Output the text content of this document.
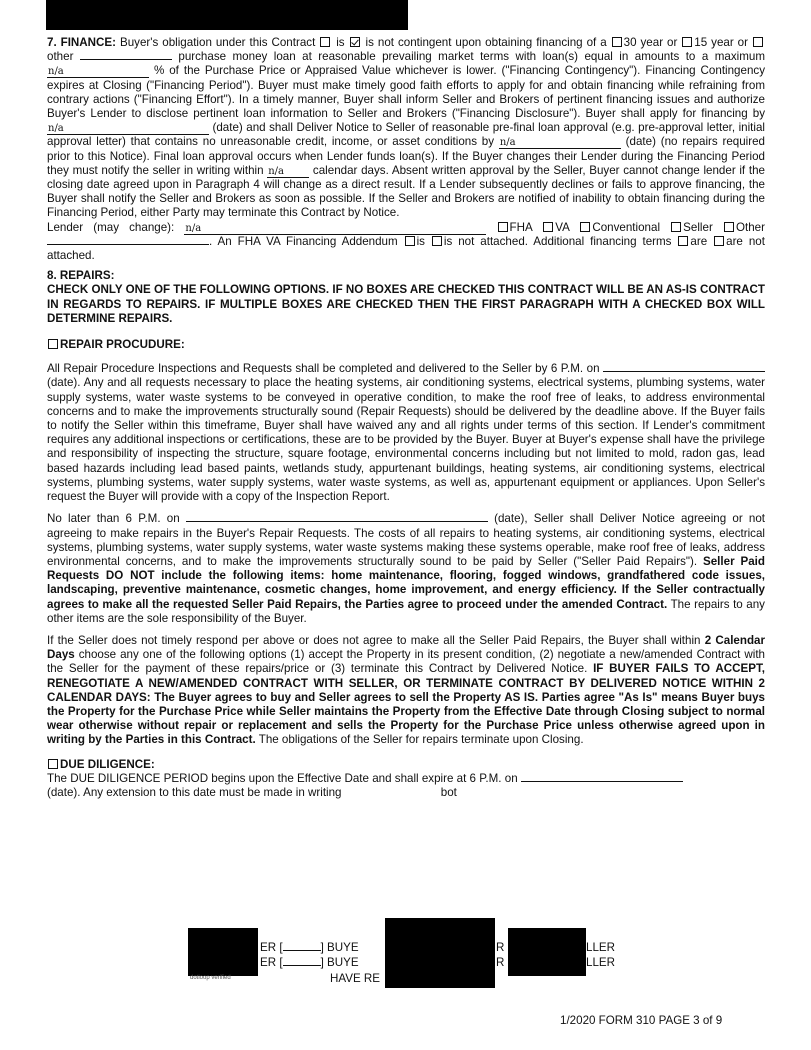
7. FINANCE: Buyer's obligation under this Contract is is not contingent upon obtaining financing of a 30 year or 15 year or other	purchase money loan at reasonable prevailing market terms with loan(s) equal in amounts to a maximum n/a	% of the Purchase Price or Appraised Value whichever is lower. ("Financing Contingency"). Financing Contingency expires at Closing ("Financing Period"). Buyer must make timely good faith efforts to apply for and obtain financing while refraining from contrary actions ("Financing Effort"). In a timely manner, Buyer shall inform Seller and Brokers of pertinent financing issues and authorize Buyer's Lender to disclose pertinent loan information to Seller and Brokers ("Financing Disclosure"). Buyer shall apply for financing by n/a	(date) and shall Deliver Notice to Seller of reasonable pre-final loan approval (e.g. pre-approval letter, initial approval letter) that contains no unreasonable credit, income, or asset conditions by n/a	(date) (no repairs required prior to this Notice). Final loan approval occurs when Lender funds loan(s). If the Buyer changes their Lender during the Financing Period they must notify the seller in writing within n/a calendar days. Absent written approval by the Seller, Buyer cannot change lender if the closing date agreed upon in Paragraph 4 will change as a direct result. If a Lender subsequently declines or fails to approve financing, the Buyer shall notify the Seller and Brokers as soon as possible. If the Seller and Brokers are notified of inability to obtain financing during the Financing Period, either Party may terminate this Contract by Notice.

Lender (may change): n/a	FHA VA Conventional Seller Other . An FHA VA Financing Addendum is is not attached. Additional financing terms are are not attached.

8. REPAIRS:

CHECK ONLY ONE OF THE FOLLOWING OPTIONS. IF NO BOXES ARE CHECKED THIS CONTRACT WILL BE AN AS-IS CONTRACT IN REGARDS TO REPAIRS. IF MULTIPLE BOXES ARE CHECKED THEN THE FIRST PARAGRAPH WITH A CHECKED BOX WILL DETERMINE REPAIRS.

REPAIR PROCUDURE:

All Repair Procedure Inspections and Requests shall be completed and delivered to the Seller by 6 P.M. on  (date). Any and all requests necessary to place the heating systems, air conditioning systems, electrical systems, plumbing systems, water supply systems, water waste systems to be conveyed in operative condition, to make the roof free of leaks, to address environmental concerns and to make the improvements structurally sound (Repair Requests) should be delivered by the deadline above. If the Buyer fails to notify the Seller within this timeframe, Buyer shall have waived any and all rights under terms of this section. If Lender's commitment requires any additional inspections or certifications, these are to be provided by the Buyer. Buyer at Buyer's expense shall have the privilege and responsibility of inspecting the structure, square footage, environmental concerns including but not limited to mold, radon gas, lead based hazards including lead based paints, wetlands study, appurtenant buildings, heating systems, air conditioning systems, electrical systems, plumbing systems, water supply systems, water waste systems, as well as, appurtenant equipment or appliances. Upon Seller's request the Buyer will provide with a copy of the Inspection Report.

No later than 6 P.M. on	(date), Seller shall Deliver Notice agreeing or not agreeing to make repairs in the Buyer's Repair Requests. The costs of all repairs to heating systems, air conditioning systems, electrical systems, plumbing systems, water supply systems, water waste systems making these systems operable, make roof free of leaks, address environmental concerns, and to make the improvements structurally sound to be paid by Seller ("Seller Paid Repairs"). Seller Paid Requests DO NOT include the following items: home maintenance, flooring, fogged windows, grandfathered code issues, landscaping, preventive maintenance, cosmetic changes, home improvement, and energy efficiency. If the Seller contractually agrees to make all the requested Seller Paid Repairs, the Parties agree to proceed under the amended Contract. The repairs to any other items are the sole responsibility of the Buyer.

If the Seller does not timely respond per above or does not agree to make all the Seller Paid Repairs, the Buyer shall within 2 Calendar Days choose any one of the following options (1) accept the Property in its present condition, (2) negotiate a new/amended Contract with the Seller for the payment of these repairs/price or (3) terminate this Contract by Delivered Notice. IF BUYER FAILS TO ACCEPT, RENEGOTIATE A NEW/AMENDED CONTRACT WITH SELLER, OR TERMINATE CONTRACT BY DELIVERED NOTICE WITHIN 2 CALENDAR DAYS: The Buyer agrees to buy and Seller agrees to sell the Property AS IS. Parties agree "As Is" means Buyer buys the Property for the Purchase Price while Seller maintains the Property from the Effective Date through Closing subject to normal wear otherwise without repair or replacement and sells the Property for the Purchase Price unless otherwise agreed upon in writing by the Parties in this Contract. The obligations of the Seller for repairs terminate upon Closing.

DUE DILIGENCE:

The DUE DILIGENCE PERIOD begins upon the Effective Date and shall expire at 6 P.M. on
(date). Any extension to this date must be made in writing	bot

ER [	] BUYE	R	LLER
ER [	] BUYE	R	LLER
HAVE RE
dotloop verified
1/2020 FORM 310 PAGE 3 of 9
